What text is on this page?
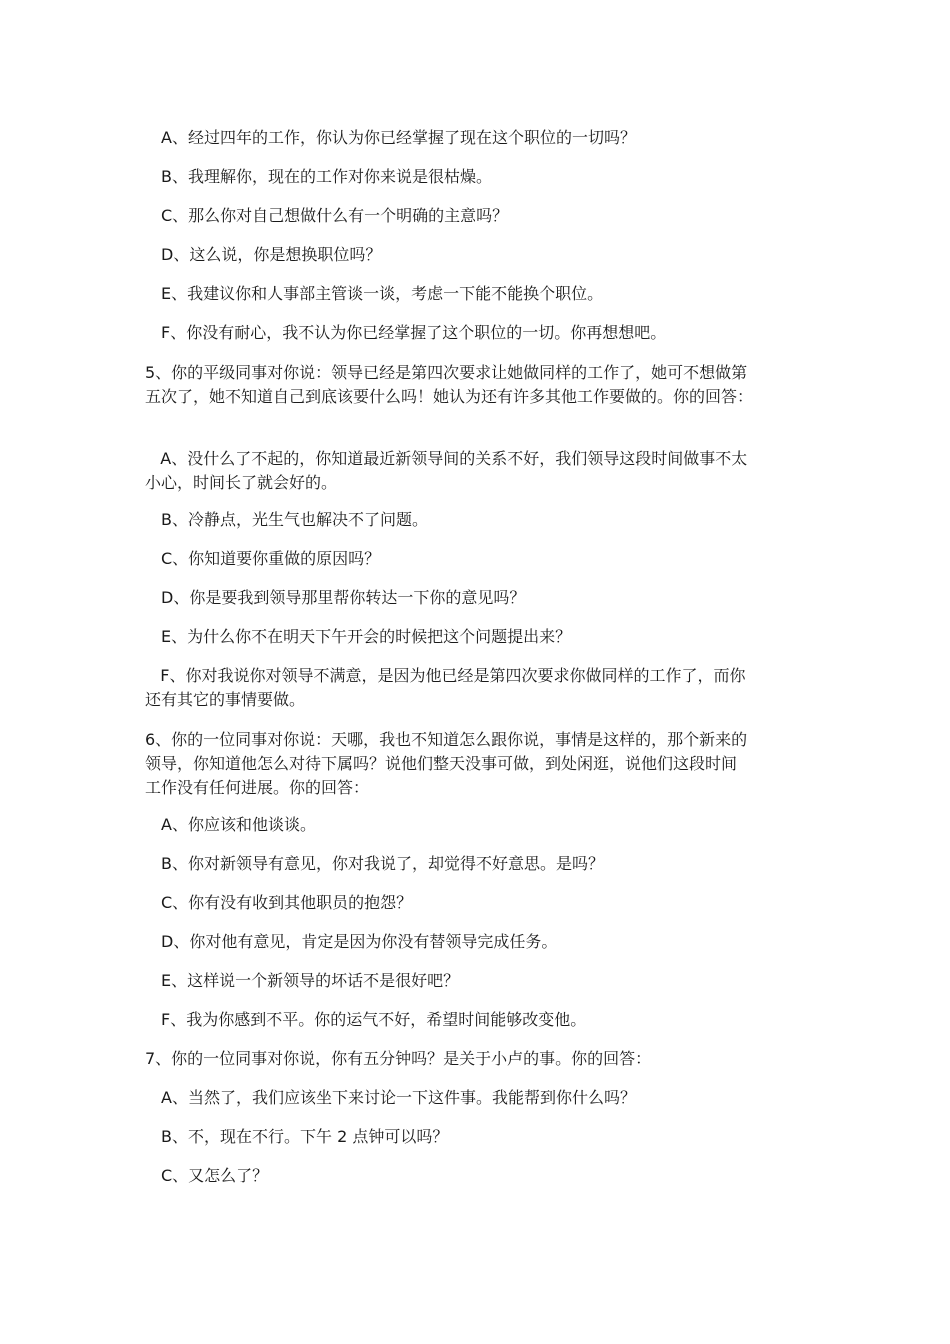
A、经过四年的工作，你认为你已经掌握了现在这个职位的一切吗？
B、我理解你，现在的工作对你来说是很枯燥。
C、那么你对自己想做什么有一个明确的主意吗？
D、这么说，你是想换职位吗？
E、我建议你和人事部主管谈一谈，考虑一下能不能换个职位。
F、你没有耐心，我不认为你已经掌握了这个职位的一切。你再想想吧。
5、你的平级同事对你说：领导已经是第四次要求让她做同样的工作了，她可不想做第
五次了，她不知道自己到底该要什么吗！她认为还有许多其他工作要做的。你的回答：
A、没什么了不起的，你知道最近新领导间的关系不好，我们领导这段时间做事不太
小心，时间长了就会好的。
B、冷静点，光生气也解决不了问题。
C、你知道要你重做的原因吗？
D、你是要我到领导那里帮你转达一下你的意见吗？
E、为什么你不在明天下午开会的时候把这个问题提出来？
F、你对我说你对领导不满意，是因为他已经是第四次要求你做同样的工作了，而你
还有其它的事情要做。
6、你的一位同事对你说：天哪，我也不知道怎么跟你说，事情是这样的，那个新来的
领导，你知道他怎么对待下属吗？说他们整天没事可做，到处闲逛，说他们这段时间
工作没有任何进展。你的回答：
A、你应该和他谈谈。
B、你对新领导有意见，你对我说了，却觉得不好意思。是吗？
C、你有没有收到其他职员的抱怨？
D、你对他有意见，肯定是因为你没有替领导完成任务。
E、这样说一个新领导的坏话不是很好吧？
F、我为你感到不平。你的运气不好，希望时间能够改变他。
7、你的一位同事对你说，你有五分钟吗？是关于小卢的事。你的回答：
A、当然了，我们应该坐下来讨论一下这件事。我能帮到你什么吗？
B、不，现在不行。下午 2 点钟可以吗？
C、又怎么了？
